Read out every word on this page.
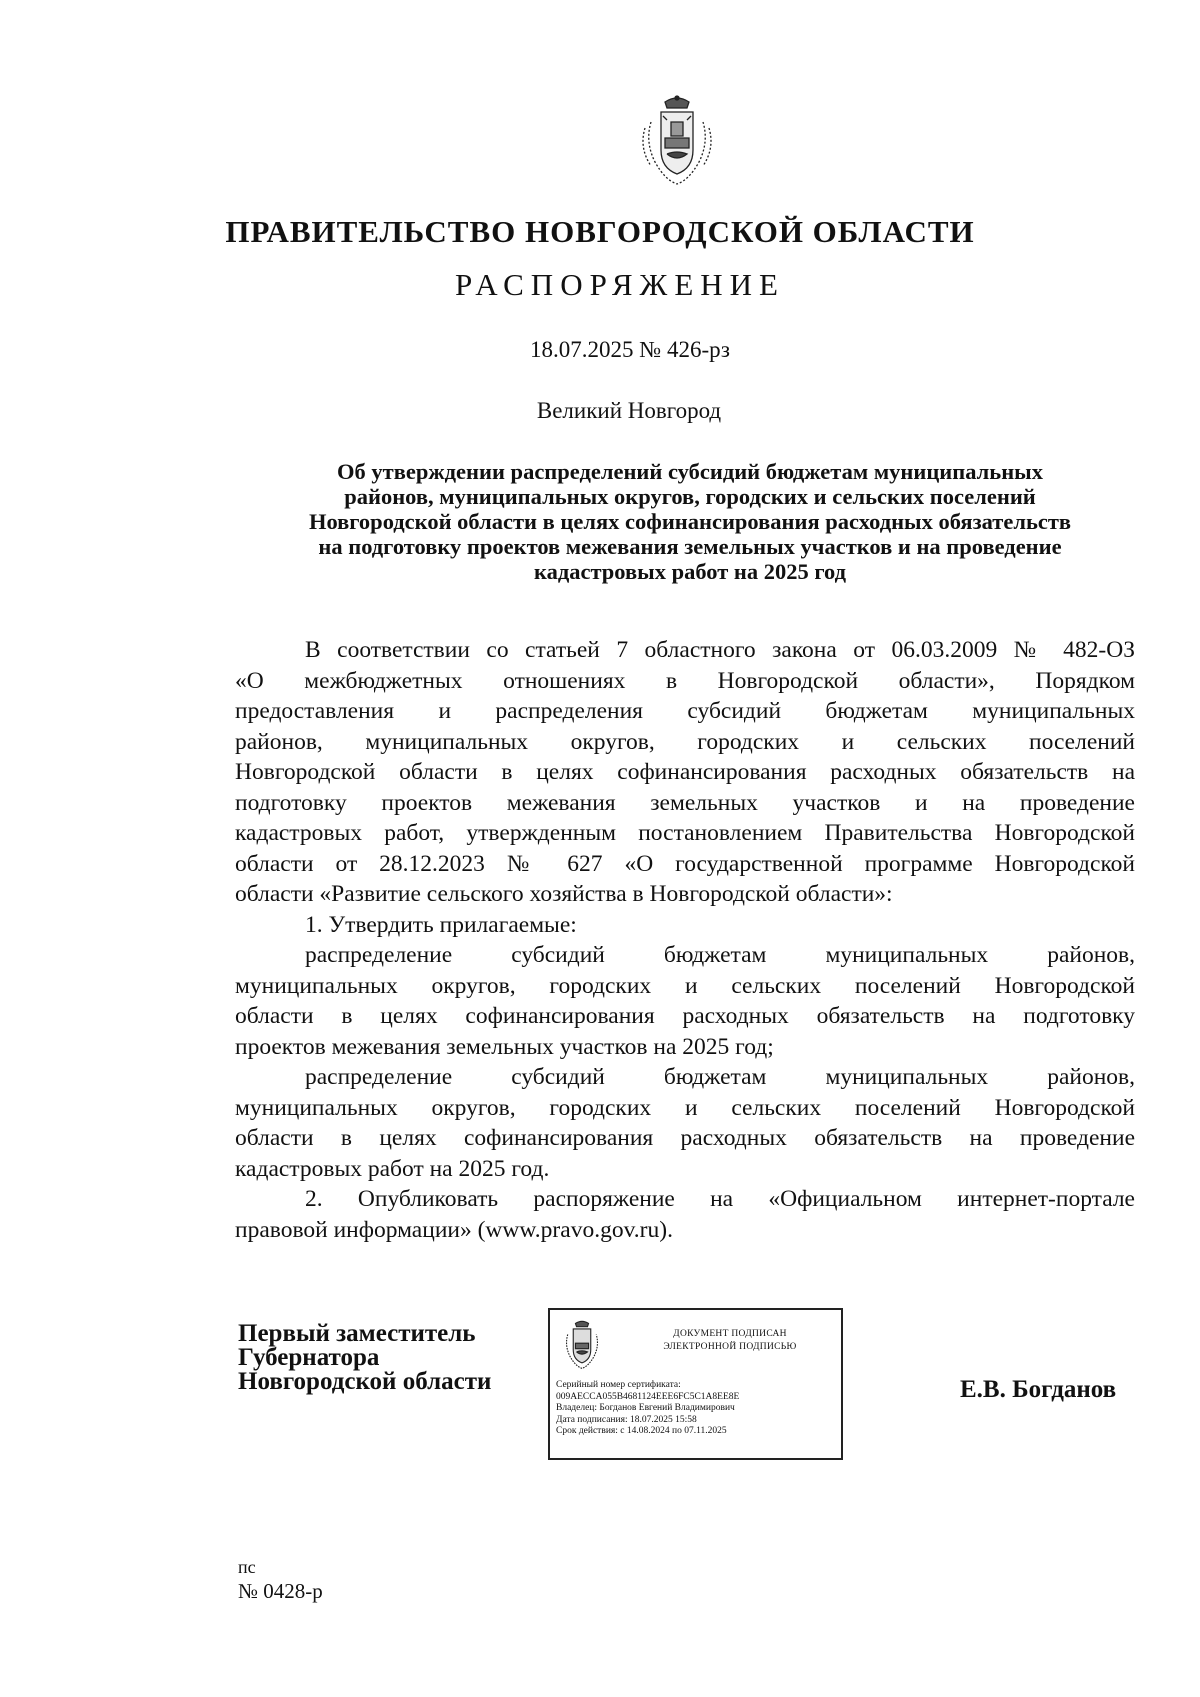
ПРАВИТЕЛЬСТВО НОВГОРОДСКОЙ ОБЛАСТИ
РАСПОРЯЖЕНИЕ
18.07.2025 № 426-рз
Великий Новгород
Об утверждении распределений субсидий бюджетам муниципальных
районов, муниципальных округов, городских и сельских поселений
Новгородской области в целях софинансирования расходных обязательств
на подготовку проектов межевания земельных участков и на проведение
кадастровых работ на 2025 год
В соответствии со статьей 7 областного закона от 06.03.2009 № 482-ОЗ
«О межбюджетных отношениях в Новгородской области», Порядком
предоставления и распределения субсидий бюджетам муниципальных
районов, муниципальных округов, городских и сельских поселений
Новгородской области в целях софинансирования расходных обязательств на
подготовку проектов межевания земельных участков и на проведение
кадастровых работ, утвержденным постановлением Правительства Новгородской
области от 28.12.2023 № 627 «О государственной программе Новгородской
области «Развитие сельского хозяйства в Новгородской области»:
1. Утвердить прилагаемые:
распределение субсидий бюджетам муниципальных районов,
муниципальных округов, городских и сельских поселений Новгородской
области в целях софинансирования расходных обязательств на подготовку
проектов межевания земельных участков на 2025 год;
распределение субсидий бюджетам муниципальных районов,
муниципальных округов, городских и сельских поселений Новгородской
области в целях софинансирования расходных обязательств на проведение
кадастровых работ на 2025 год.
2. Опубликовать распоряжение на «Официальном интернет-портале
правовой информации» (www.pravo.gov.ru).
Первый заместитель
Губернатора
Новгородской области
ДОКУМЕНТ ПОДПИСАН
ЭЛЕКТРОННОЙ ПОДПИСЬЮ
Серийный номер сертификата:
009AECCA055B4681124EEE6FC5C1A8EE8E
Владелец: Богданов Евгений Владимирович
Дата подписания: 18.07.2025 15:58
Срок действия: с 14.08.2024 по 07.11.2025
Е.В. Богданов
пс
№ 0428-р
